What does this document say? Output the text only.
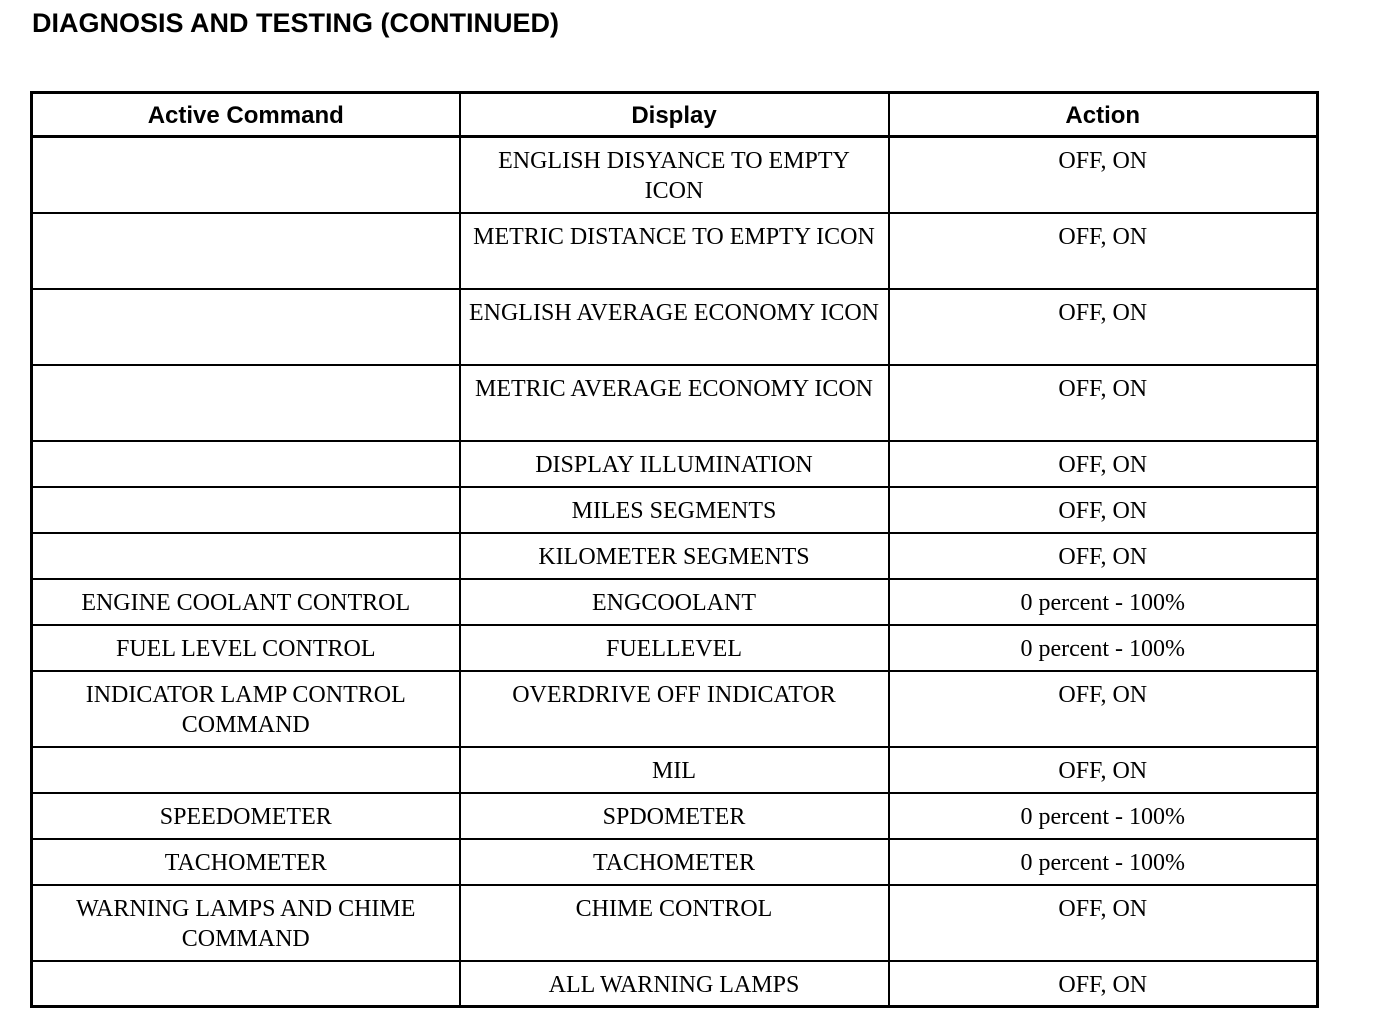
DIAGNOSIS AND TESTING (CONTINUED)
Active Command	Display	Action
	ENGLISH DISYANCE TO EMPTY ICON	OFF, ON
	METRIC DISTANCE TO EMPTY ICON	OFF, ON
	ENGLISH AVERAGE ECONOMY ICON	OFF, ON
	METRIC AVERAGE ECONOMY ICON	OFF, ON
	DISPLAY ILLUMINATION	OFF, ON
	MILES SEGMENTS	OFF, ON
	KILOMETER SEGMENTS	OFF, ON
ENGINE COOLANT CONTROL	ENGCOOLANT	0 percent - 100%
FUEL LEVEL CONTROL	FUELLEVEL	0 percent - 100%
INDICATOR LAMP CONTROL COMMAND	OVERDRIVE OFF INDICATOR	OFF, ON
	MIL	OFF, ON
SPEEDOMETER	SPDOMETER	0 percent - 100%
TACHOMETER	TACHOMETER	0 percent - 100%
WARNING LAMPS AND CHIME COMMAND	CHIME CONTROL	OFF, ON
	ALL WARNING LAMPS	OFF, ON
